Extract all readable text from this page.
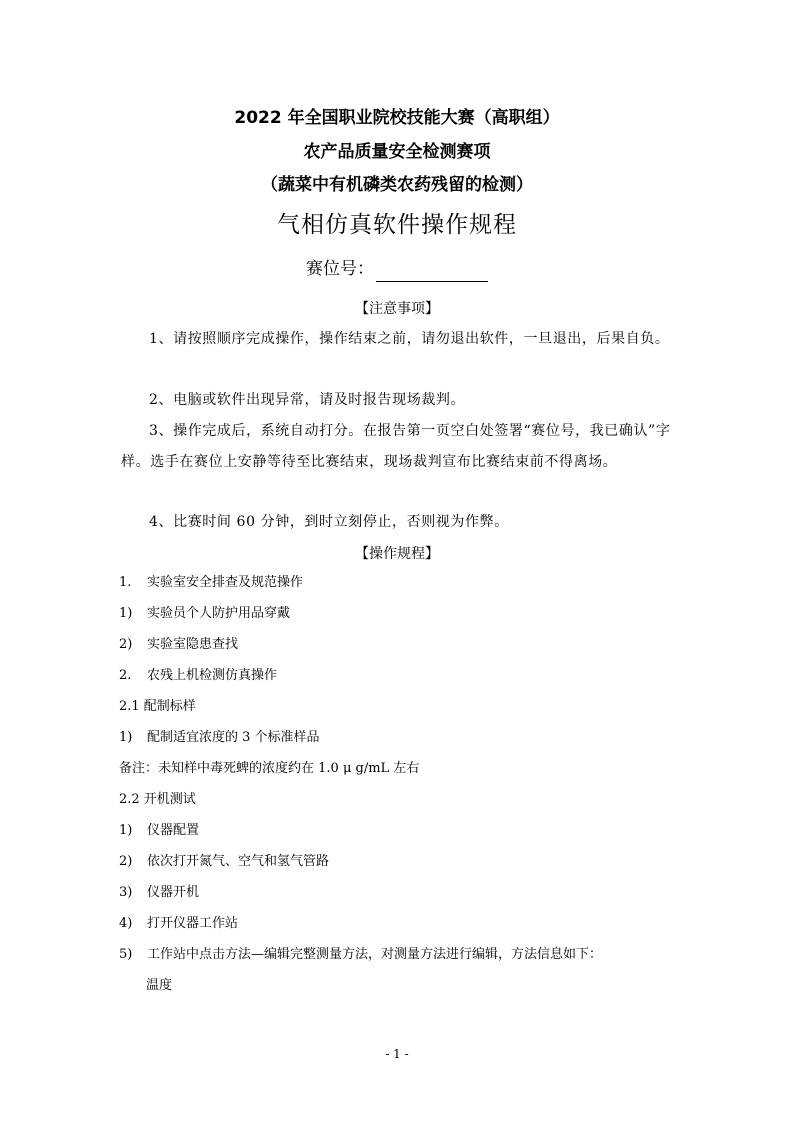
2022 年全国职业院校技能大赛（高职组）
农产品质量安全检测赛项
（蔬菜中有机磷类农药残留的检测）
气相仿真软件操作规程
赛位号：
【注意事项】

1、请按照顺序完成操作，操作结束之前，请勿退出软件，一旦退出，后果自负。

2、电脑或软件出现异常，请及时报告现场裁判。

3、操作完成后，系统自动打分。在报告第一页空白处签署“赛位号，我已确认”字样。选手在赛位上安静等待至比赛结束，现场裁判宣布比赛结束前不得离场。

4、比赛时间 60 分钟，到时立刻停止，否则视为作弊。

【操作规程】
1. 实验室安全排查及规范操作
1) 实验员个人防护用品穿戴
2) 实验室隐患查找
2. 农残上机检测仿真操作
2.1 配制标样
1) 配制适宜浓度的 3 个标准样品
备注：未知样中毒死蜱的浓度约在 1.0 μ g/mL 左右
2.2 开机测试
1) 仪器配置
2) 依次打开氮气、空气和氢气管路
3) 仪器开机
4) 打开仪器工作站
5) 工作站中点击方法—编辑完整测量方法，对测量方法进行编辑，方法信息如下：
温度
- 1 -
